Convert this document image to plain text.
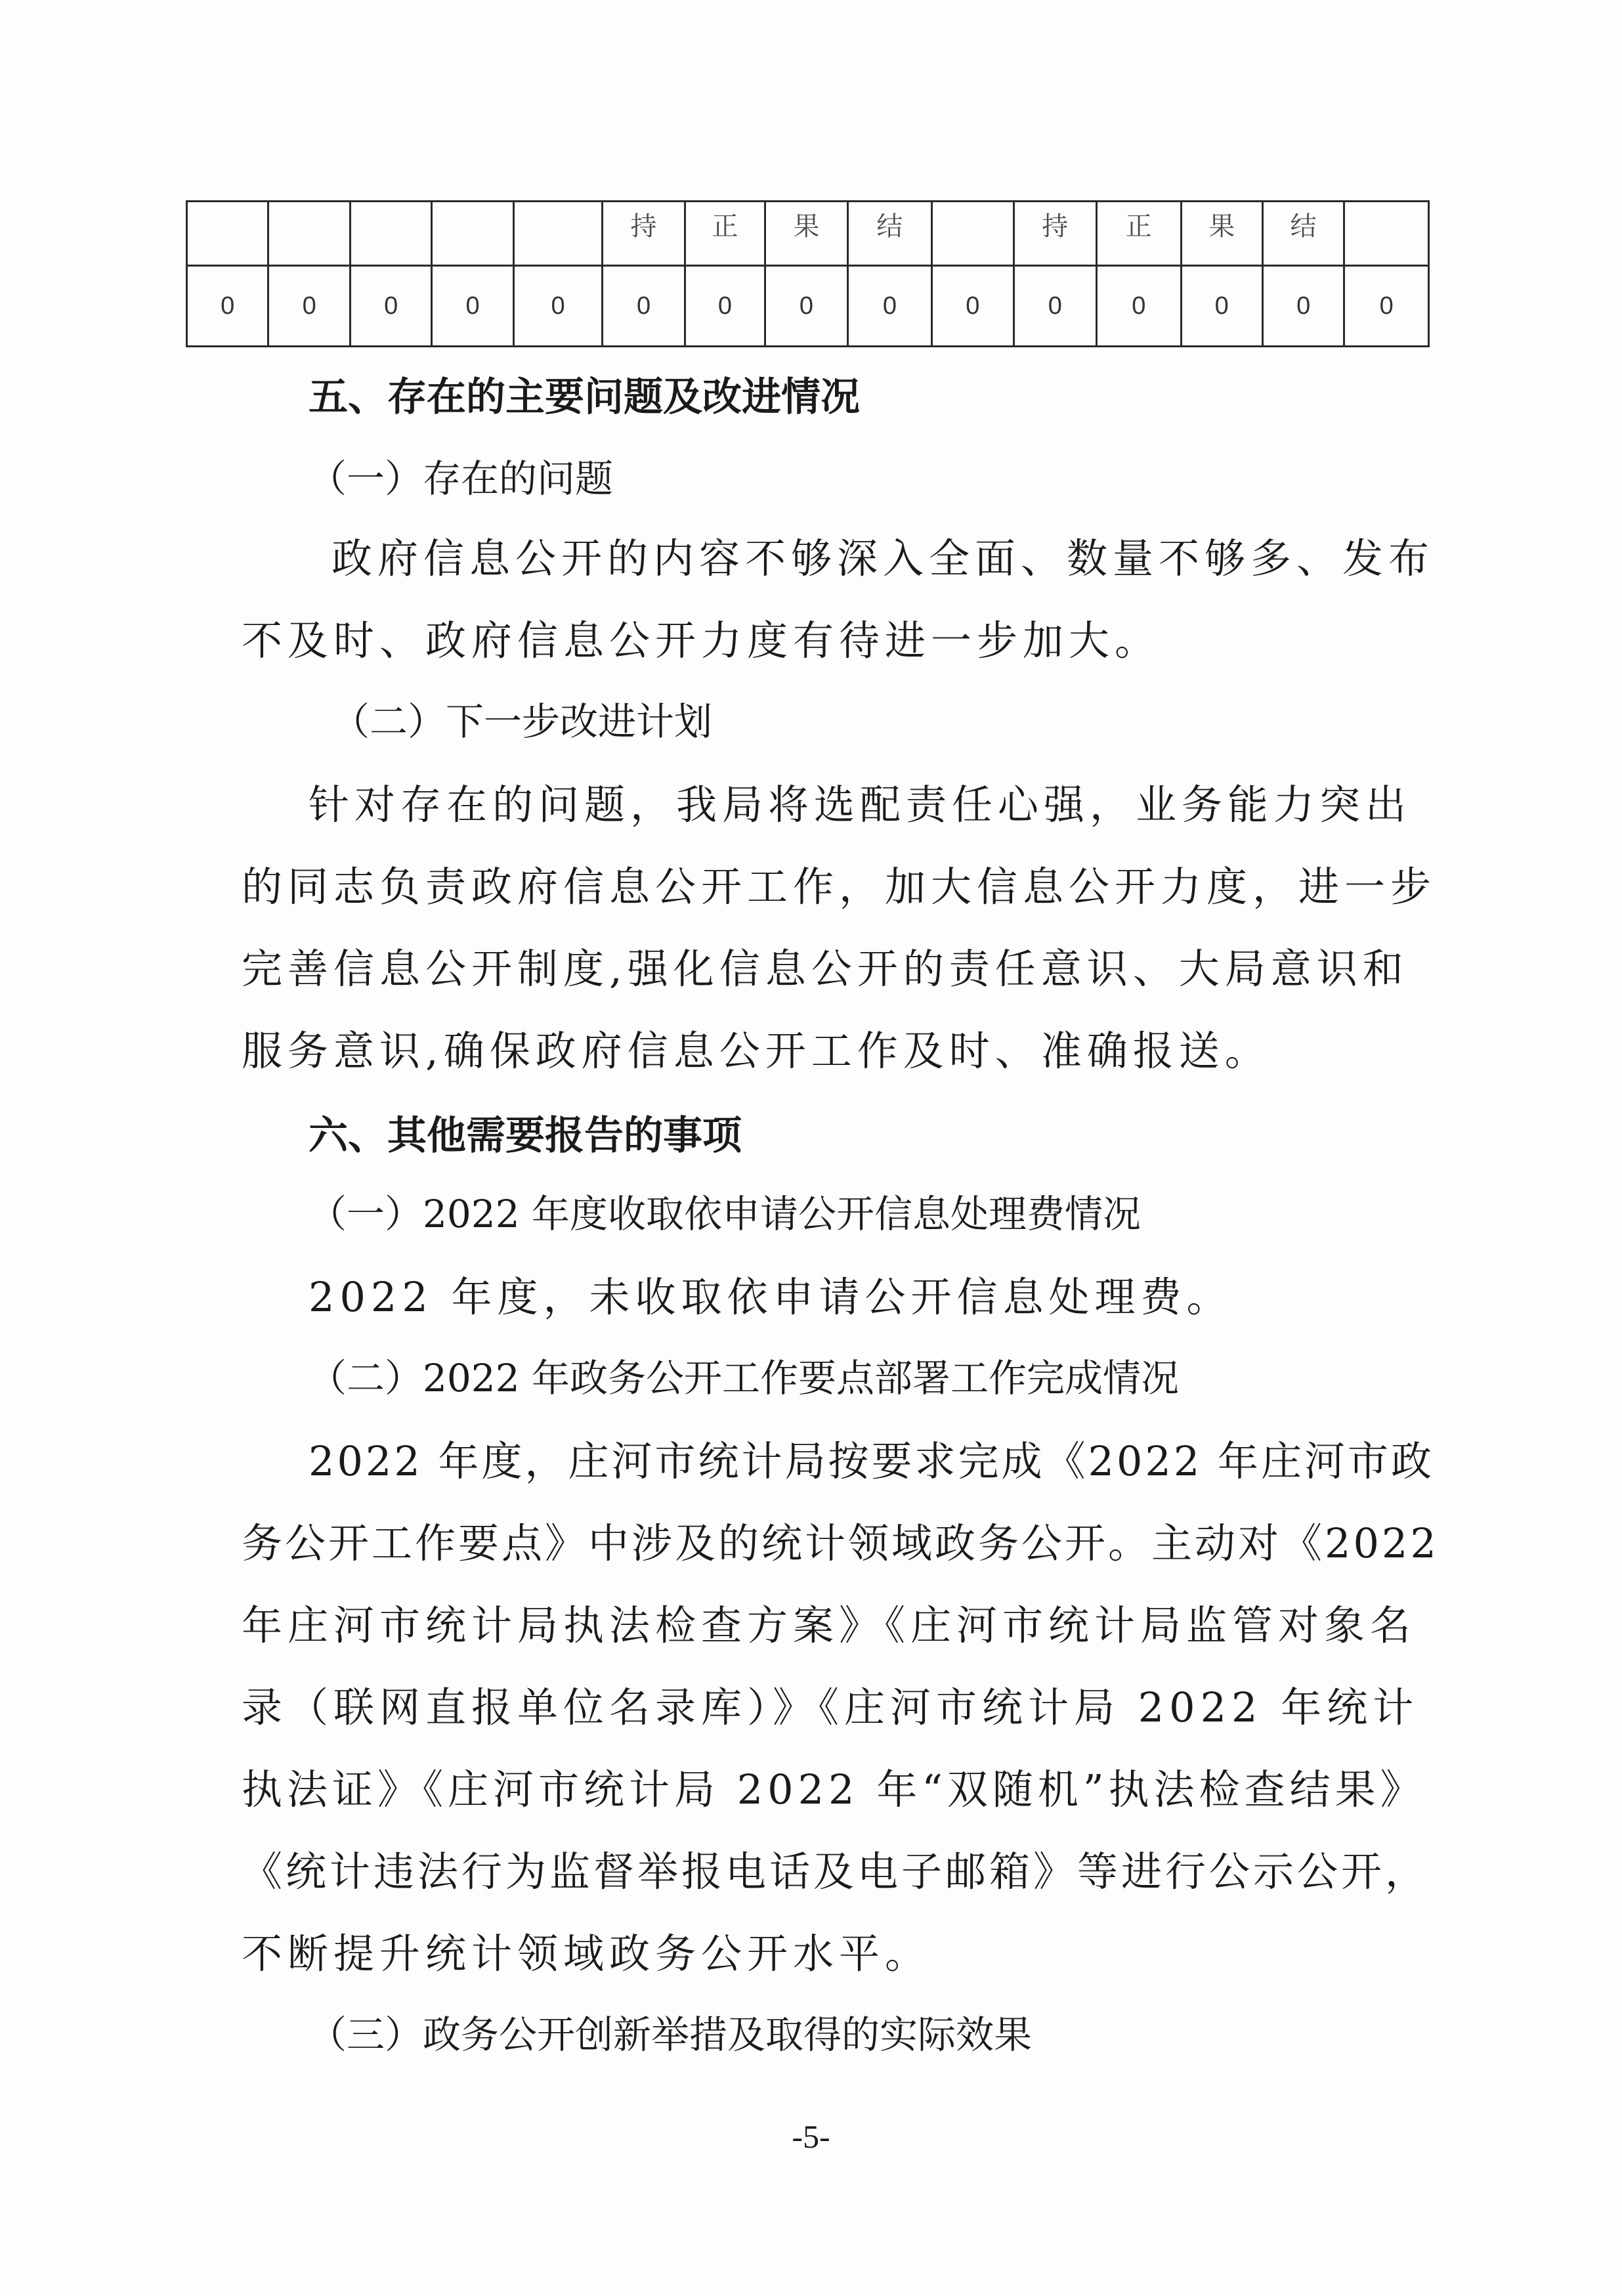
					持	正	果	结		持	正	果	结	
0	0	0	0	0	0	0	0	0	0	0	0	0	0	0
五、存在的主要问题及改进情况
（一）存在的问题
政府信息公开的内容不够深入全面、数量不够多、发布
不及时、政府信息公开力度有待进一步加大。
（二）下一步改进计划
针对存在的问题，我局将选配责任心强，业务能力突出
的同志负责政府信息公开工作，加大信息公开力度，进一步
完善信息公开制度,强化信息公开的责任意识、大局意识和
服务意识,确保政府信息公开工作及时、准确报送。
六、其他需要报告的事项
（一）2022 年度收取依申请公开信息处理费情况
2022 年度，未收取依申请公开信息处理费。
（二）2022 年政务公开工作要点部署工作完成情况
2022 年度，庄河市统计局按要求完成《2022 年庄河市政
务公开工作要点》中涉及的统计领域政务公开。主动对《2022
年庄河市统计局执法检查方案》《庄河市统计局监管对象名
录（联网直报单位名录库）》《庄河市统计局 2022 年统计
执法证》《庄河市统计局 2022 年“双随机”执法检查结果》
《统计违法行为监督举报电话及电子邮箱》等进行公示公开，
不断提升统计领域政务公开水平。
（三）政务公开创新举措及取得的实际效果
-5-
